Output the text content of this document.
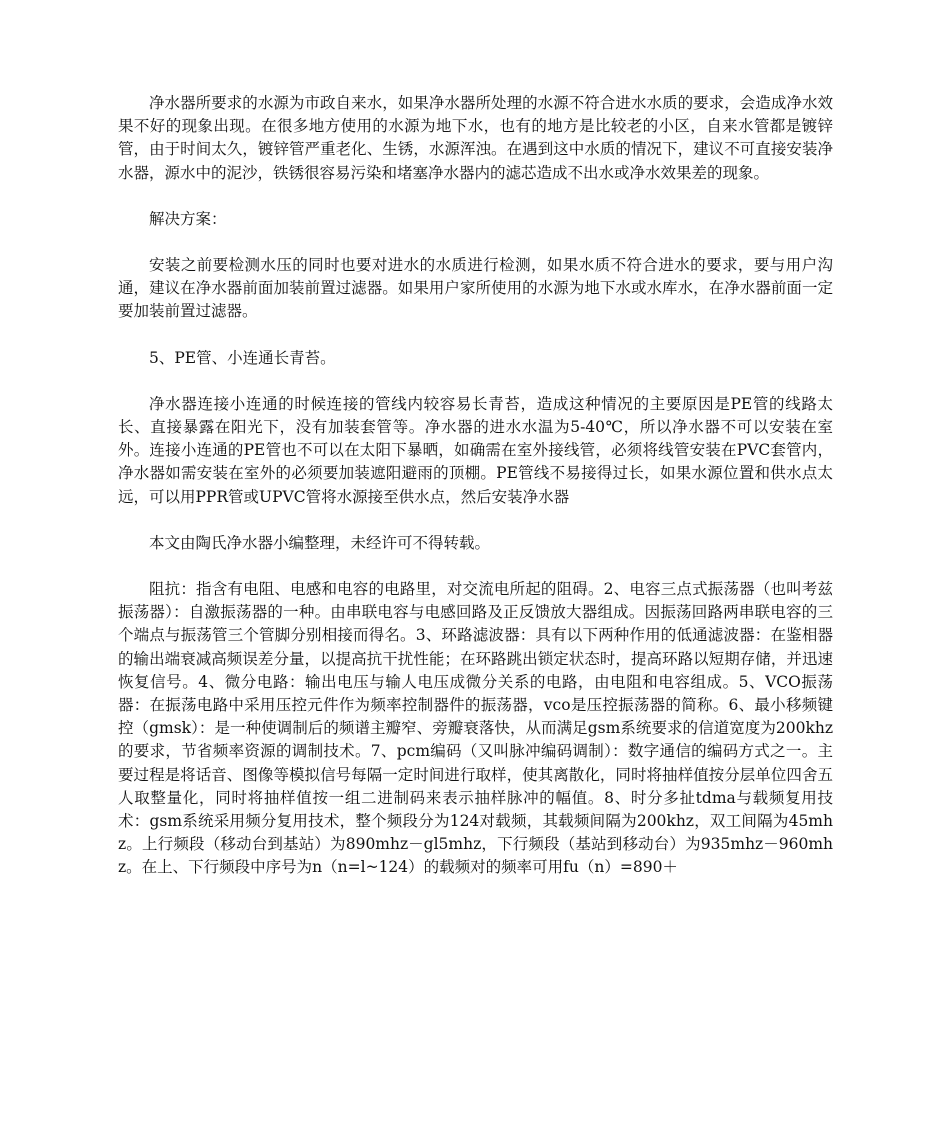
净水器所要求的水源为市政自来水，如果净水器所处理的水源不符合进水水质的要求，会造成净水效果不好的现象出现。在很多地方使用的水源为地下水，也有的地方是比较老的小区，自来水管都是镀锌管，由于时间太久，镀锌管严重老化、生锈，水源浑浊。在遇到这中水质的情况下，建议不可直接安装净水器，源水中的泥沙，铁锈很容易污染和堵塞净水器内的滤芯造成不出水或净水效果差的现象。

解决方案：

安装之前要检测水压的同时也要对进水的水质进行检测，如果水质不符合进水的要求，要与用户沟通，建议在净水器前面加装前置过滤器。如果用户家所使用的水源为地下水或水库水，在净水器前面一定要加装前置过滤器。

5、PE管、小连通长青苔。

净水器连接小连通的时候连接的管线内较容易长青苔，造成这种情况的主要原因是PE管的线路太长、直接暴露在阳光下，没有加装套管等。净水器的进水水温为5-40℃，所以净水器不可以安装在室外。连接小连通的PE管也不可以在太阳下暴晒，如确需在室外接线管，必须将线管安装在PVC套管内，净水器如需安装在室外的必须要加装遮阳避雨的顶棚。PE管线不易接得过长，如果水源位置和供水点太远，可以用PPR管或UPVC管将水源接至供水点，然后安装净水器

本文由陶氏净水器小编整理，未经许可不得转载。

阻抗：指含有电阻、电感和电容的电路里，对交流电所起的阻碍。2、电容三点式振荡器（也叫考兹振荡器）：自激振荡器的一种。由串联电容与电感回路及正反馈放大器组成。因振荡回路两串联电容的三个端点与振荡管三个管脚分别相接而得名。3、环路滤波器：具有以下两种作用的低通滤波器：在鉴相器的输出端衰减高频误差分量，以提高抗干扰性能；在环路跳出锁定状态时，提高环路以短期存储，并迅速恢复信号。4、微分电路：输出电压与输人电压成微分关系的电路，由电阻和电容组成。5、VCO振荡器：在振荡电路中采用压控元件作为频率控制器件的振荡器，vco是压控振荡器的简称。6、最小移频键控（gmsk）：是一种使调制后的频谱主瓣窄、旁瓣衰落快，从而满足gsm系统要求的信道宽度为200khz的要求，节省频率资源的调制技术。7、pcm编码（又叫脉冲编码调制）：数字通信的编码方式之一。主要过程是将话音、图像等模拟信号每隔一定时间进行取样，使其离散化，同时将抽样值按分层单位四舍五人取整量化，同时将抽样值按一组二进制码来表示抽样脉冲的幅值。8、时分多扯tdma与载频复用技术：gsm系统采用频分复用技术，整个频段分为124对载频，其载频间隔为200khz，双工间隔为45mhz。上行频段（移动台到基站）为890mhz－gl5mhz，下行频段（基站到移动台）为935mhz－960mhz。在上、下行频段中序号为n（n=l~124）的载频对的频率可用fu（n）=890＋
